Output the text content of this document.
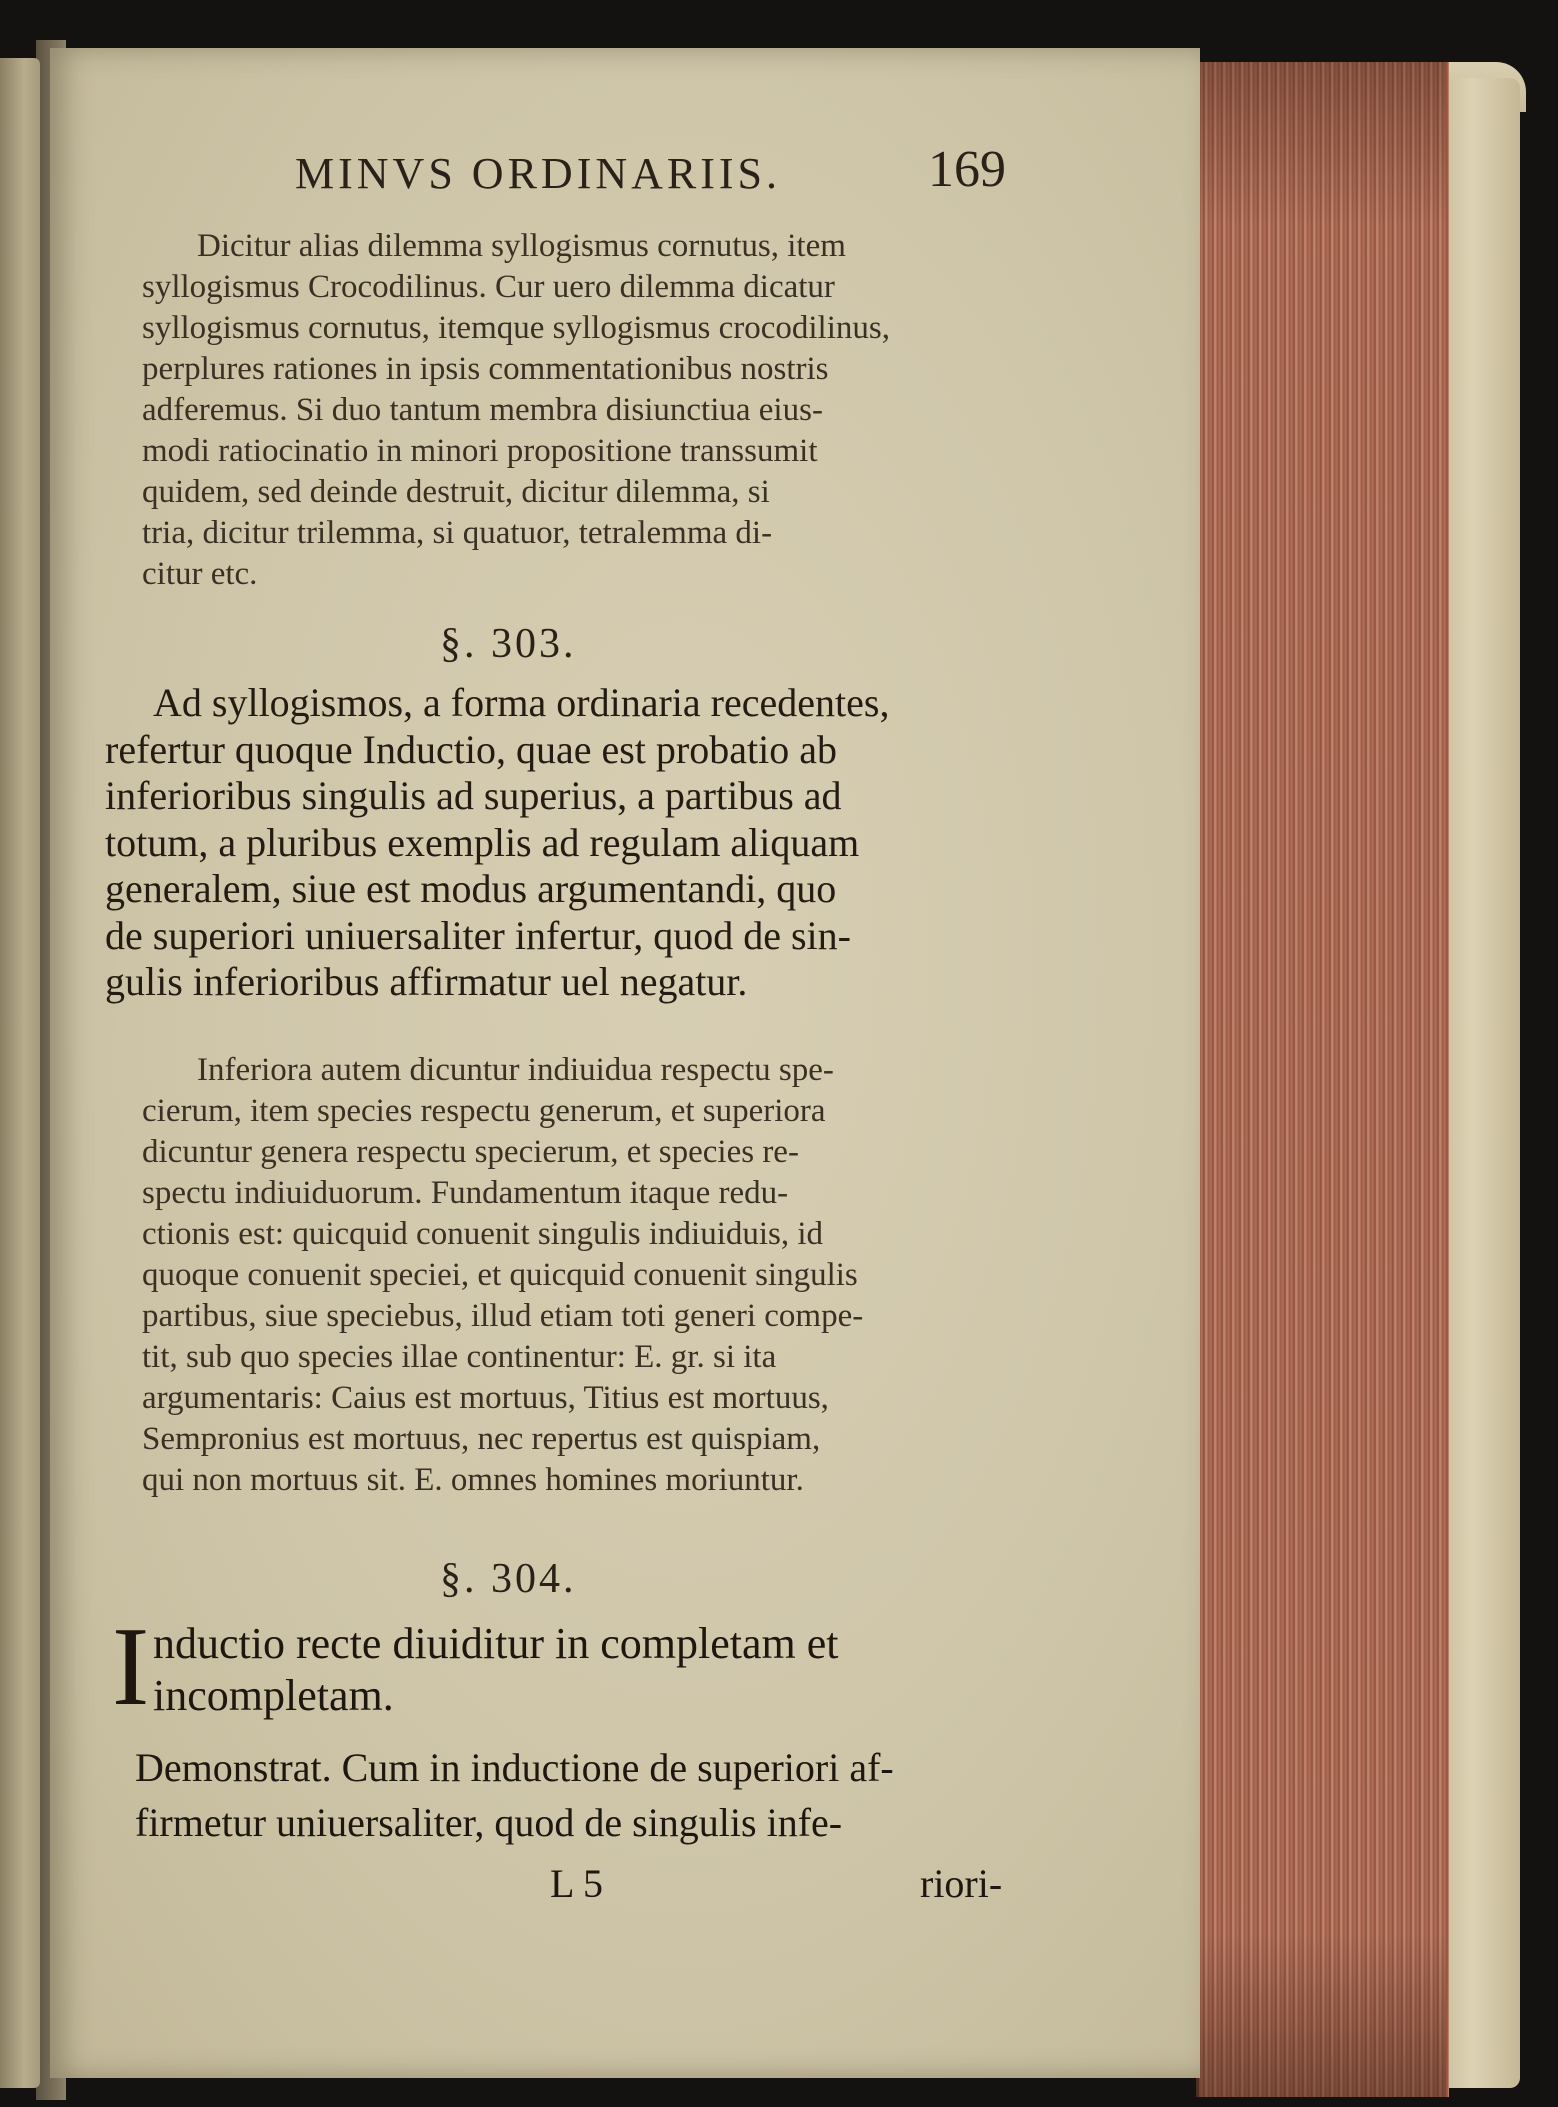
MINVS ORDINARIIS.	169
Dicitur alias dilemma syllogismus cornutus, item
syllogismus Crocodilinus. Cur uero dilemma dicatur
syllogismus cornutus, itemque syllogismus crocodilinus,
perplures rationes in ipsis commentationibus nostris
adferemus. Si duo tantum membra disiunctiua eius-
modi ratiocinatio in minori propositione transsumit
quidem, sed deinde destruit, dicitur dilemma, si
tria, dicitur trilemma, si quatuor, tetralemma di-
citur etc.
§. 303.
Ad syllogismos, a forma ordinaria recedentes,
refertur quoque Inductio, quae est probatio ab
inferioribus singulis ad superius, a partibus ad
totum, a pluribus exemplis ad regulam aliquam
generalem, siue est modus argumentandi, quo
de superiori uniuersaliter infertur, quod de sin-
gulis inferioribus affirmatur uel negatur.
Inferiora autem dicuntur indiuidua respectu spe-
cierum, item species respectu generum, et superiora
dicuntur genera respectu specierum, et species re-
spectu indiuiduorum. Fundamentum itaque redu-
ctionis est: quicquid conuenit singulis indiuiduis, id
quoque conuenit speciei, et quicquid conuenit singulis
partibus, siue speciebus, illud etiam toti generi compe-
tit, sub quo species illae continentur: E. gr. si ita
argumentaris: Caius est mortuus, Titius est mortuus,
Sempronius est mortuus, nec repertus est quispiam,
qui non mortuus sit. E. omnes homines moriuntur.
§. 304.
I nductio recte diuiditur in completam et
incompletam.
Demonstrat. Cum in inductione de superiori af-
firmetur uniuersaliter, quod de singulis infe-
L 5	riori-
